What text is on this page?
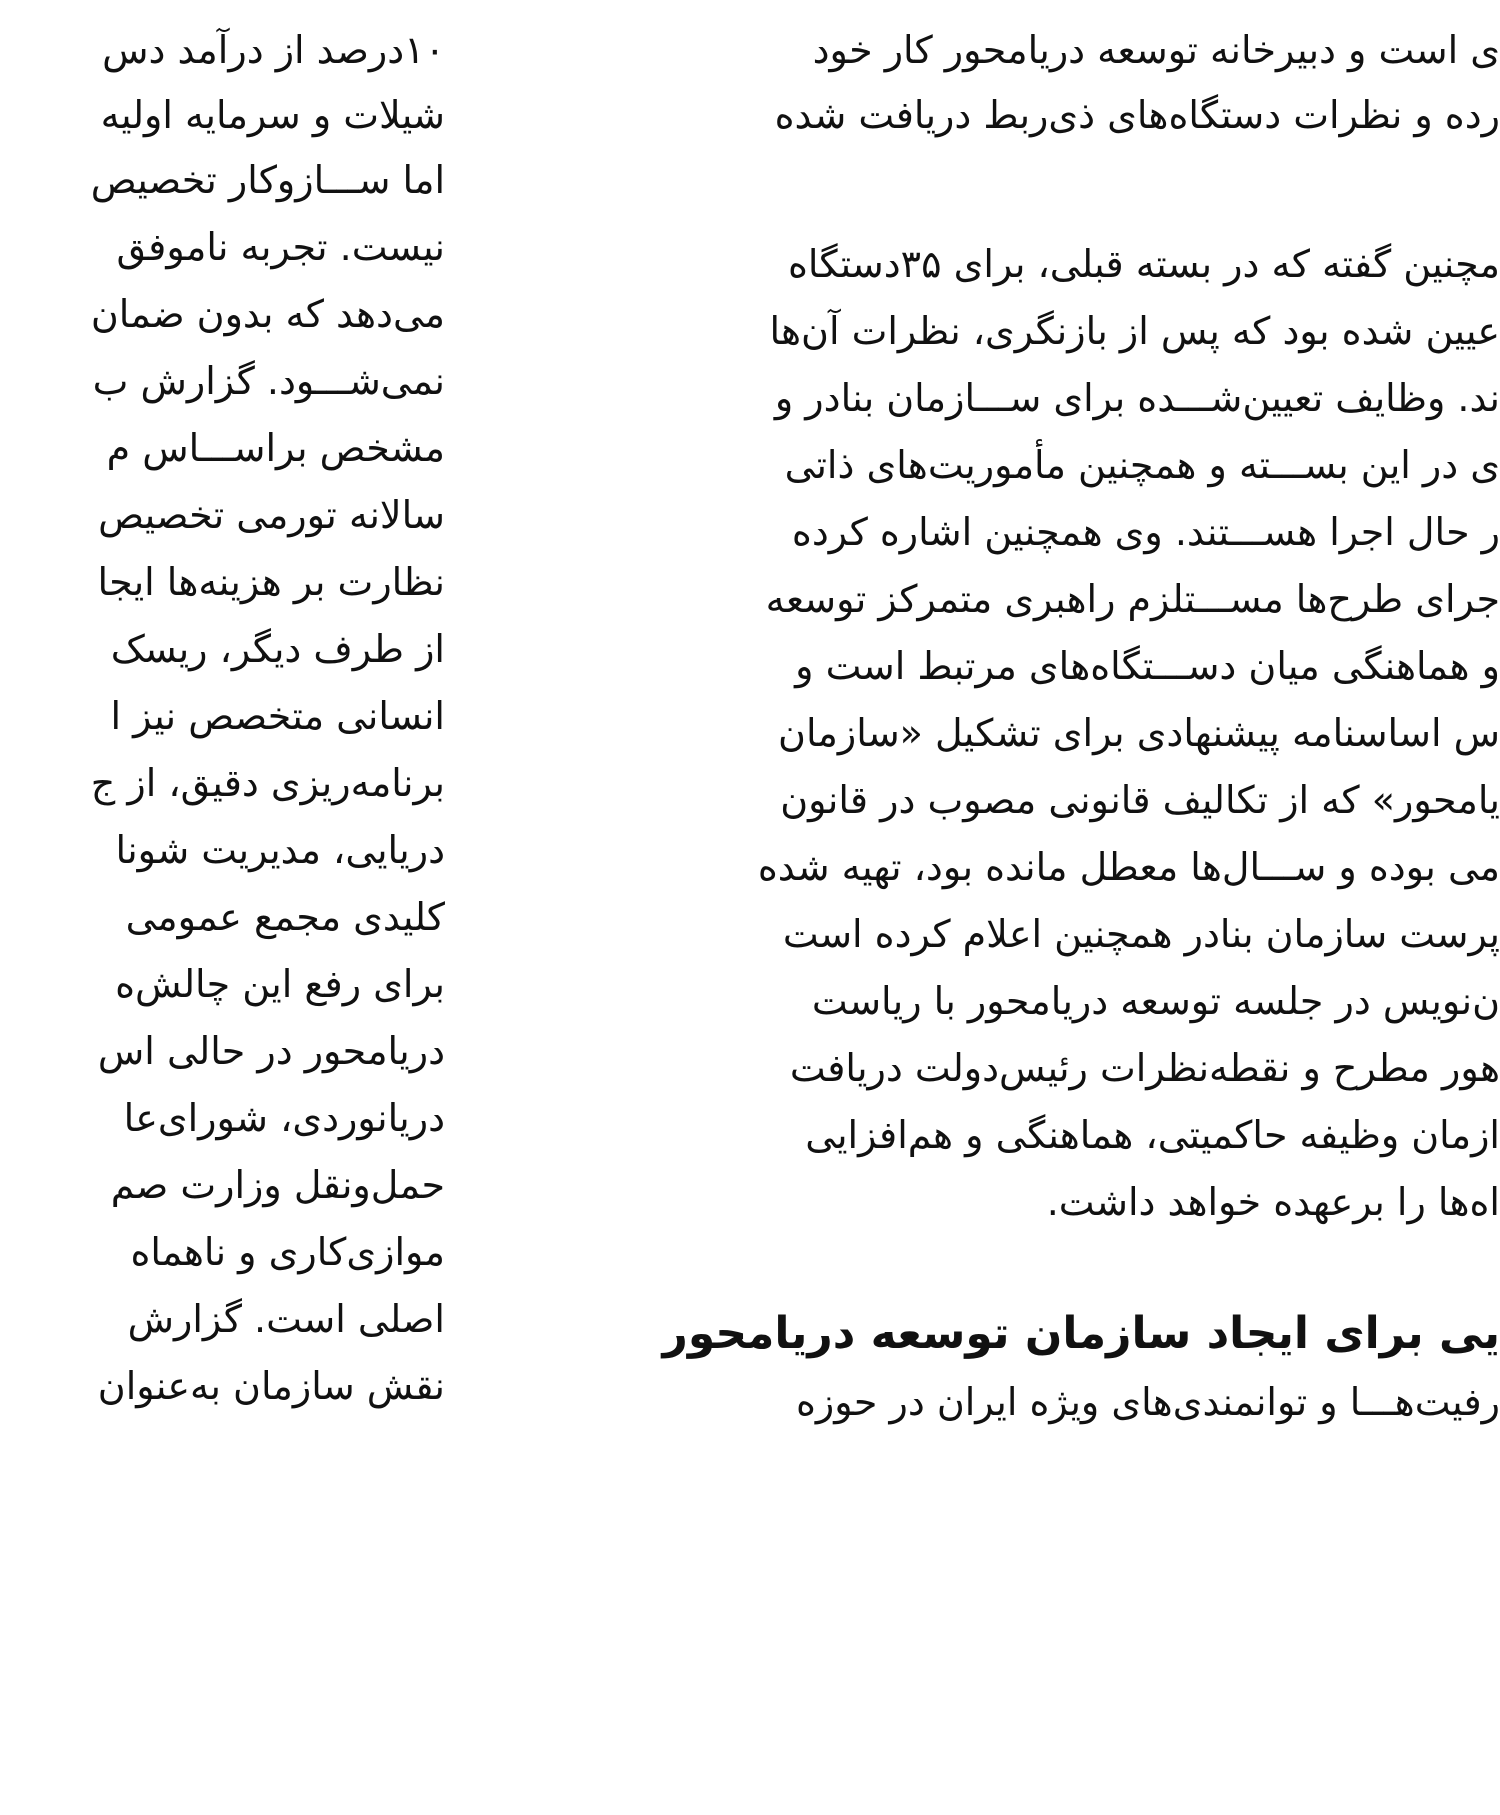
ی است و دبیرخانه توسعه دریامحور کار خود
رده و نظرات دستگاه‌های ذی‌ربط دریافت شده
مچنین گفته که در بسته قبلی، برای ۳۵دستگاه
عیین شده بود که پس از بازنگری، نظرات آن‌ها
ند. وظایف تعیین‌شـــده برای ســـازمان بنادر و
ی در این بســـته و همچنین مأموریت‌های ذاتی
ر حال اجرا هســـتند. وی همچنین اشاره کرده
جرای طرح‌ها مســـتلزم راهبری متمرکز توسعه
و هماهنگی میان دســـتگاه‌های مرتبط است و
س اساسنامه پیشنهادی برای تشکیل «سازمان
یامحور» که از تکالیف قانونی مصوب در قانون
می بوده و ســـال‌ها معطل مانده بود، تهیه شده
پرست سازمان بنادر همچنین اعلام کرده است
ن‌نویس در جلسه توسعه دریامحور با ریاست
هور مطرح و نقطه‌نظرات رئیس‌دولت دریافت
ازمان وظیفه حاکمیتی، هماهنگی و هم‌افزایی
اه‌ها را برعهده خواهد داشت.
یی برای ایجاد سازمان توسعه دریامحور
رفیت‌هـــا و توانمندی‌های ویژه ایران در حوزه
۱۰درصد از درآمد دس
شیلات و سرمایه اولیه
اما ســـازوکار تخصیص
نیست. تجربه ناموفق
می‌دهد که بدون ضمان
نمی‌شـــود. گزارش ب
مشخص براســـاس م
سالانه تورمی تخصیص
نظارت بر هزینه‌ها ایجا
از طرف دیگر، ریسک
انسانی متخصص نیز ا
برنامه‌ریزی دقیق، از ج
دریایی، مدیریت شونا
کلیدی مجمع عمومی
برای رفع این چالش‌ه
دریامحور در حالی اس
دریانوردی، شورای‌عا
حمل‌ونقل وزارت صم
موازی‌کاری و ناهماه
اصلی است. گزارش
نقش سازمان به‌عنوان
